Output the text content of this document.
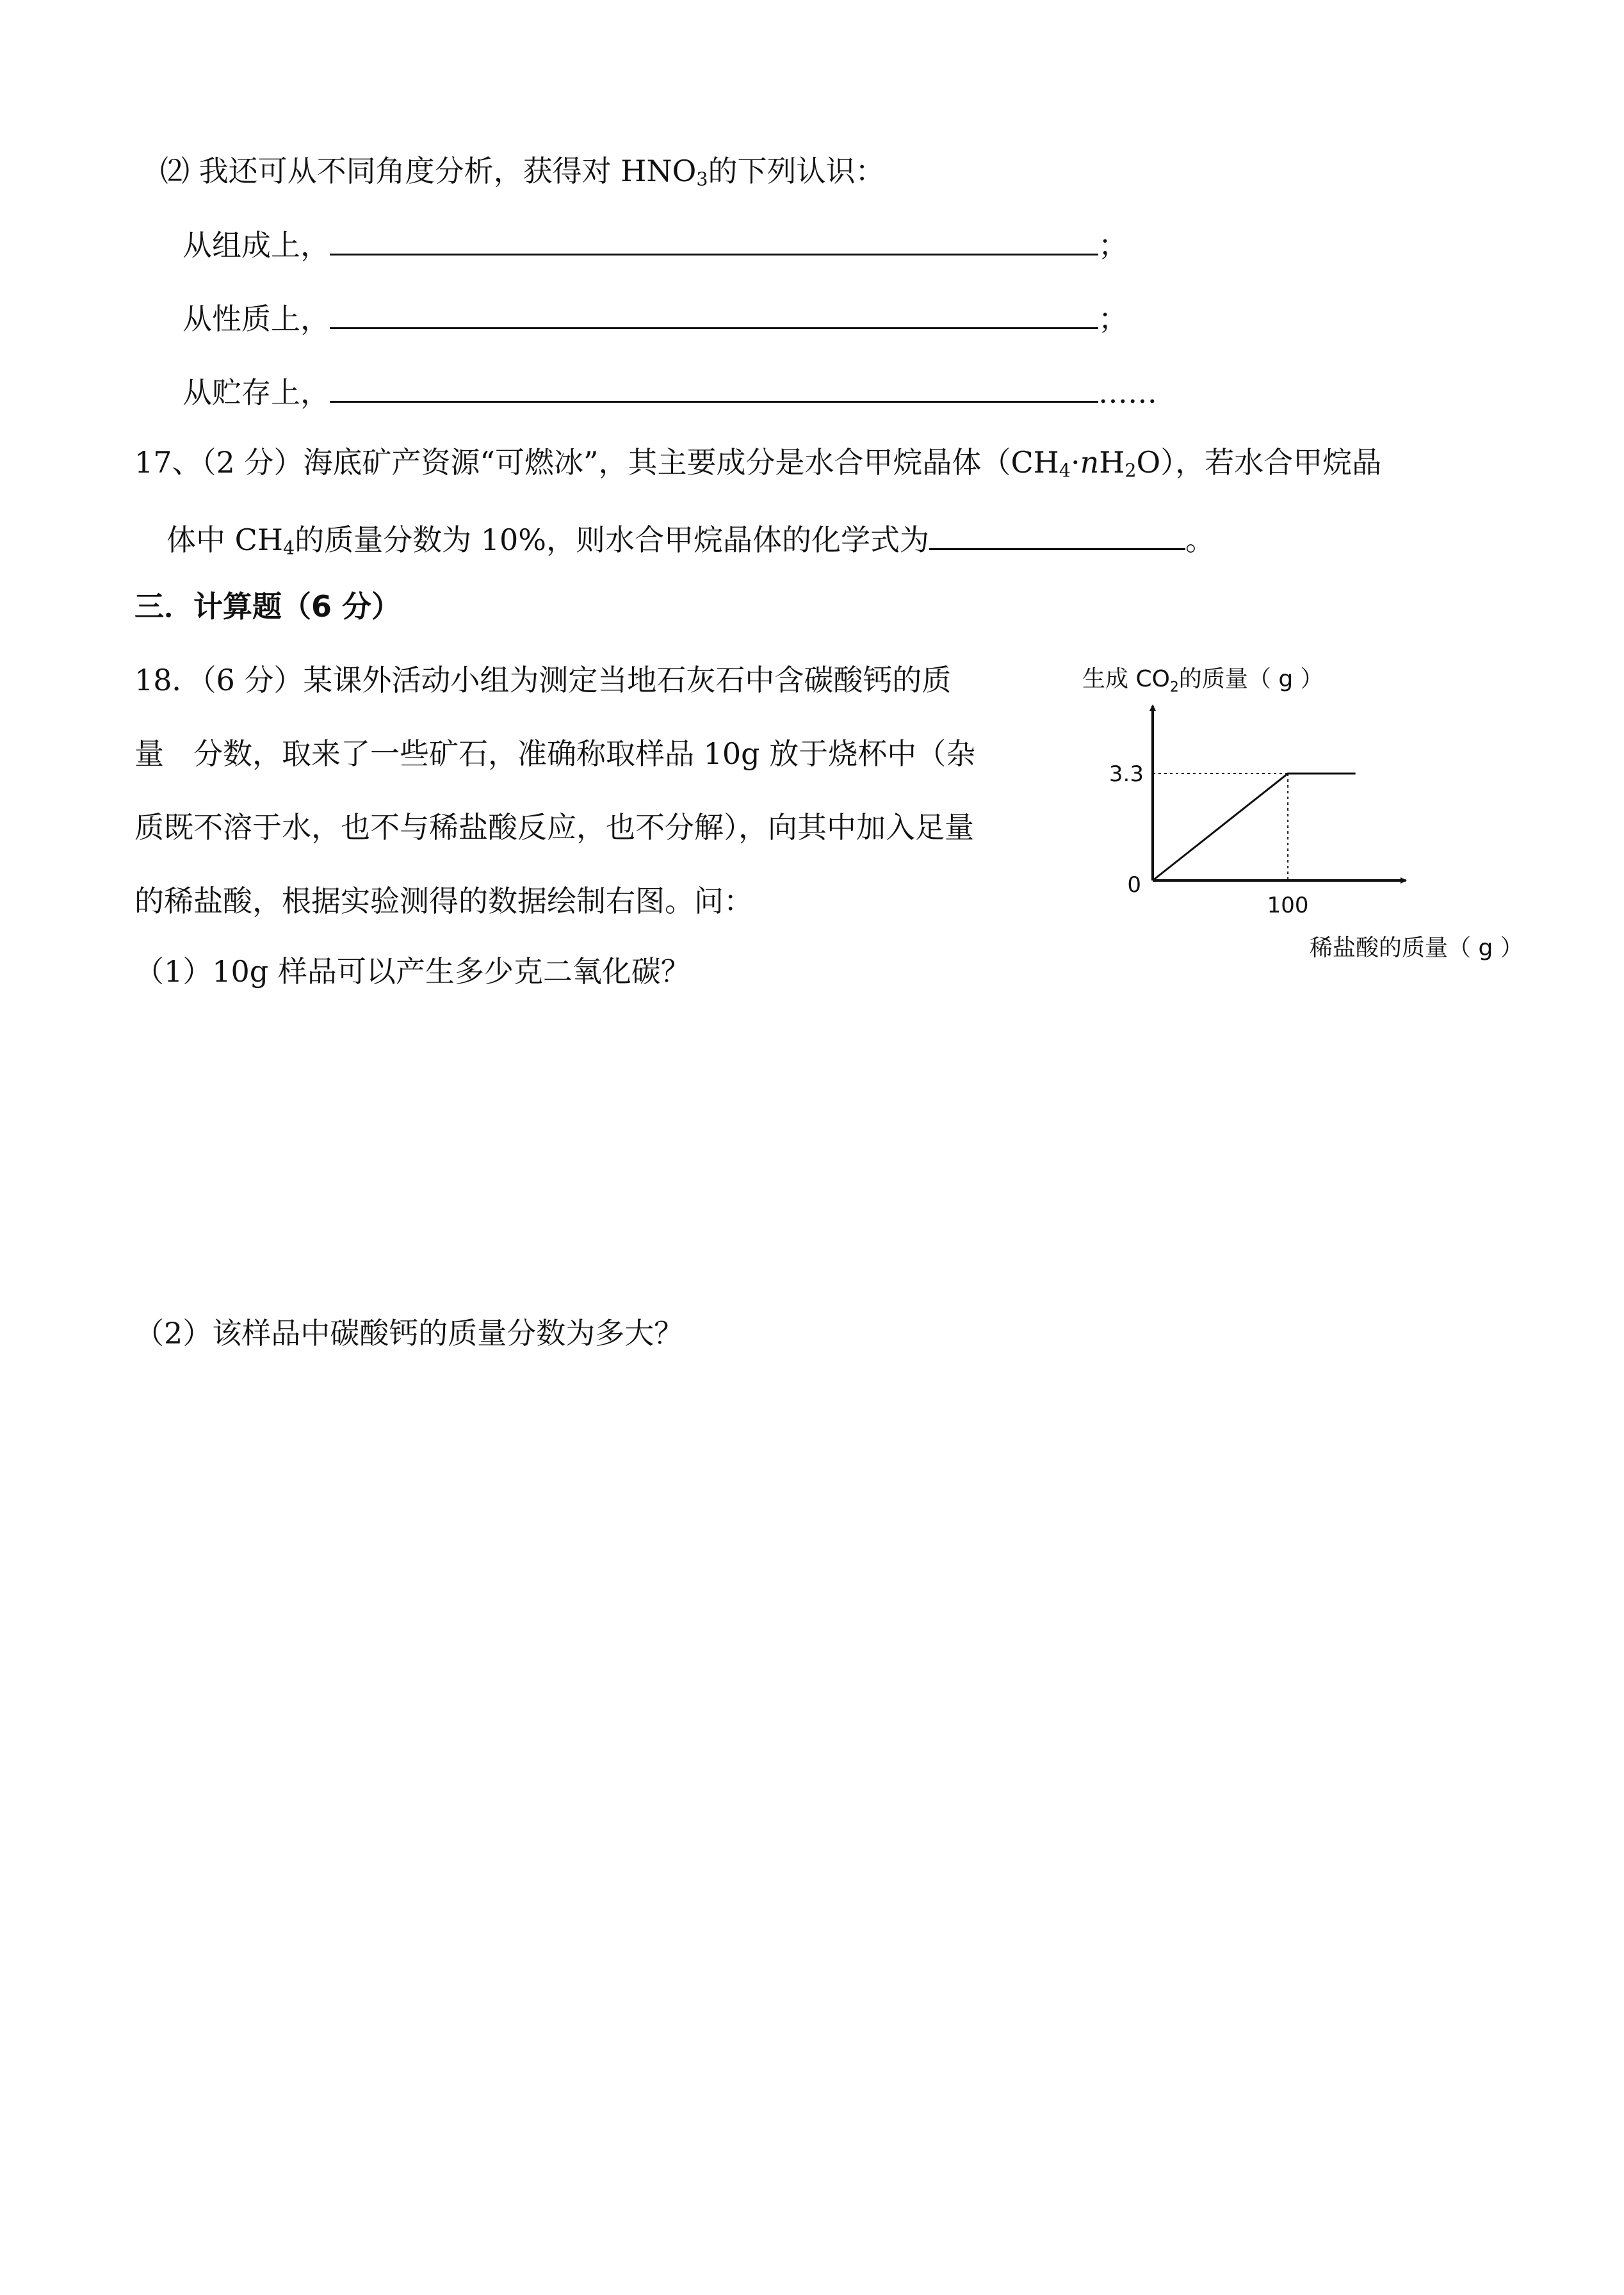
⑵ 我还可从不同角度分析，获得对 $HNO_3$的下列认识：
从组成上，	；
从性质上，	；
从贮存上，	……
17、（2 分）海底矿产资源“可燃冰”，其主要成分是水合甲烷晶体$(CH_4\cdot nH_2O)$，若水合甲烷晶
体中 $CH_4$的质量分数为 10%，则水合甲烷晶体的化学式为	。
三．计算题（6 分）
18．（6 分）某课外活动小组为测定当地石灰石中含碳酸钙的质
量　分数，取来了一些矿石，准确称取样品 10g 放于烧杯中（杂
质既不溶于水，也不与稀盐酸反应，也不分解），向其中加入足量
的稀盐酸，根据实验测得的数据绘制右图。问：
（1）10g 样品可以产生多少克二氧化碳？
（2）该样品中碳酸钙的质量分数为多大？
生成 $CO_2$的质量（ g ）
3.3
0
100
稀盐酸的质量（ g ）
